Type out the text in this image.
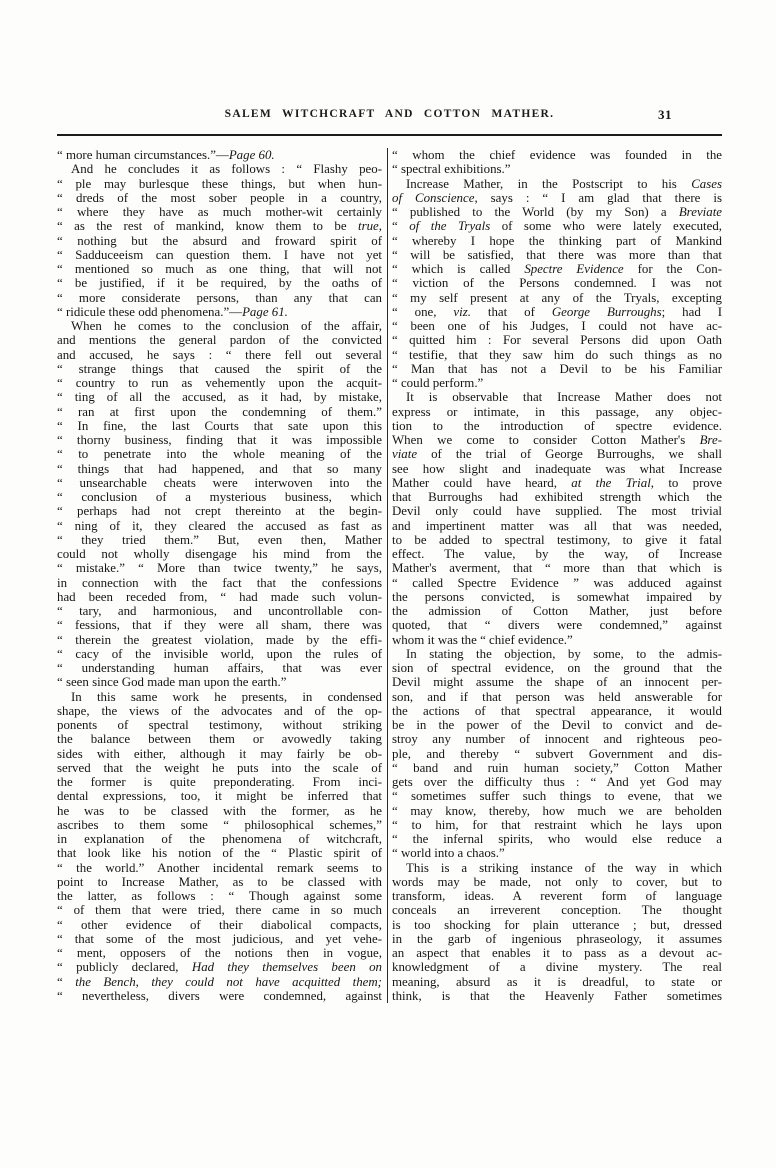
SALEM WITCHCRAFT AND COTTON MATHER.	31
“ more human circumstances.”—Page 60.
And he concludes it as follows : “ Flashy peo-
“ ple may burlesque these things, but when hun-
“ dreds of the most sober people in a country,
“ where they have as much mother-wit certainly
“ as the rest of mankind, know them to be true,
“ nothing but the absurd and froward spirit of
“ Sadduceeism can question them. I have not yet
“ mentioned so much as one thing, that will not
“ be justified, if it be required, by the oaths of
“ more considerate persons, than any that can
“ ridicule these odd phenomena.”—Page 61.
When he comes to the conclusion of the affair,
and mentions the general pardon of the convicted
and accused, he says : “ there fell out several
“ strange things that caused the spirit of the
“ country to run as vehemently upon the acquit-
“ ting of all the accused, as it had, by mistake,
“ ran at first upon the condemning of them.”
“ In fine, the last Courts that sate upon this
“ thorny business, finding that it was impossible
“ to penetrate into the whole meaning of the
“ things that had happened, and that so many
“ unsearchable cheats were interwoven into the
“ conclusion of a mysterious business, which
“ perhaps had not crept thereinto at the begin-
“ ning of it, they cleared the accused as fast as
“ they tried them.” But, even then, Mather
could not wholly disengage his mind from the
“ mistake.” “ More than twice twenty,” he says,
in connection with the fact that the confessions
had been receded from, “ had made such volun-
“ tary, and harmonious, and uncontrollable con-
“ fessions, that if they were all sham, there was
“ therein the greatest violation, made by the effi-
“ cacy of the invisible world, upon the rules of
“ understanding human affairs, that was ever
“ seen since God made man upon the earth.”
In this same work he presents, in condensed
shape, the views of the advocates and of the op-
ponents of spectral testimony, without striking
the balance between them or avowedly taking
sides with either, although it may fairly be ob-
served that the weight he puts into the scale of
the former is quite preponderating. From inci-
dental expressions, too, it might be inferred that
he was to be classed with the former, as he
ascribes to them some “ philosophical schemes,”
in explanation of the phenomena of witchcraft,
that look like his notion of the “ Plastic spirit of
“ the world.” Another incidental remark seems to
point to Increase Mather, as to be classed with
the latter, as follows : “ Though against some
“ of them that were tried, there came in so much
“ other evidence of their diabolical compacts,
“ that some of the most judicious, and yet vehe-
“ ment, opposers of the notions then in vogue,
“ publicly declared, Had they themselves been on
“ the Bench, they could not have acquitted them;
“ nevertheless, divers were condemned, against
“ whom the chief evidence was founded in the
“ spectral exhibitions.”
Increase Mather, in the Postscript to his Cases
of Conscience, says : “ I am glad that there is
“ published to the World (by my Son) a Breviate
“ of the Tryals of some who were lately executed,
“ whereby I hope the thinking part of Mankind
“ will be satisfied, that there was more than that
“ which is called Spectre Evidence for the Con-
“ viction of the Persons condemned. I was not
“ my self present at any of the Tryals, excepting
“ one, viz. that of George Burroughs; had I
“ been one of his Judges, I could not have ac-
“ quitted him : For several Persons did upon Oath
“ testifie, that they saw him do such things as no
“ Man that has not a Devil to be his Familiar
“ could perform.”
It is observable that Increase Mather does not
express or intimate, in this passage, any objec-
tion to the introduction of spectre evidence.
When we come to consider Cotton Mather's Bre-
viate of the trial of George Burroughs, we shall
see how slight and inadequate was what Increase
Mather could have heard, at the Trial, to prove
that Burroughs had exhibited strength which the
Devil only could have supplied. The most trivial
and impertinent matter was all that was needed,
to be added to spectral testimony, to give it fatal
effect. The value, by the way, of Increase
Mather's averment, that “ more than that which is
“ called Spectre Evidence ” was adduced against
the persons convicted, is somewhat impaired by
the admission of Cotton Mather, just before
quoted, that “ divers were condemned,” against
whom it was the “ chief evidence.”
In stating the objection, by some, to the admis-
sion of spectral evidence, on the ground that the
Devil might assume the shape of an innocent per-
son, and if that person was held answerable for
the actions of that spectral appearance, it would
be in the power of the Devil to convict and de-
stroy any number of innocent and righteous peo-
ple, and thereby “ subvert Government and dis-
“ band and ruin human society,” Cotton Mather
gets over the difficulty thus : “ And yet God may
“ sometimes suffer such things to evene, that we
“ may know, thereby, how much we are beholden
“ to him, for that restraint which he lays upon
“ the infernal spirits, who would else reduce a
“ world into a chaos.”
This is a striking instance of the way in which
words may be made, not only to cover, but to
transform, ideas. A reverent form of language
conceals an irreverent conception. The thought
is too shocking for plain utterance ; but, dressed
in the garb of ingenious phraseology, it assumes
an aspect that enables it to pass as a devout ac-
knowledgment of a divine mystery. The real
meaning, absurd as it is dreadful, to state or
think, is that the Heavenly Father sometimes
